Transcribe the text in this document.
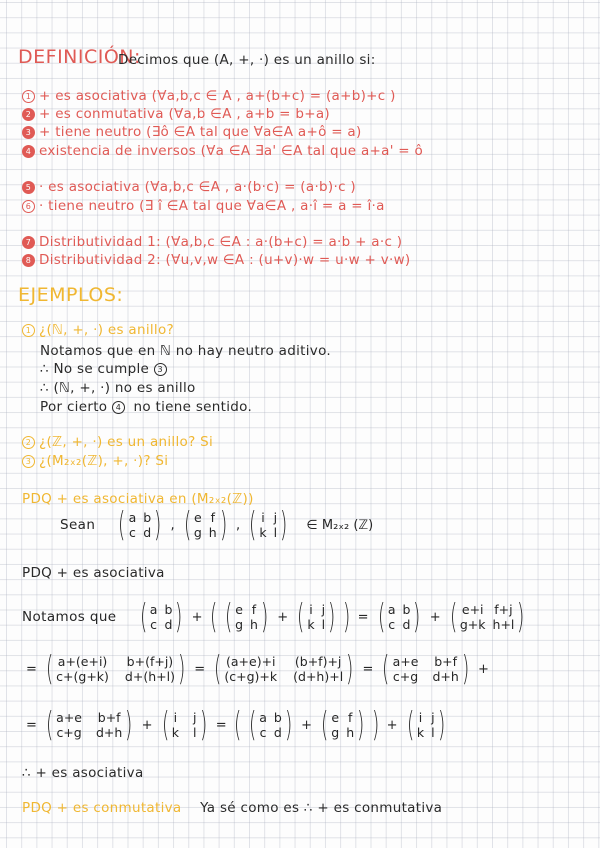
DEFINICIÓN:
Decimos que (A, +, ·) es un anillo si:
1 + es asociativa (∀a,b,c ∈ A , a+(b+c) = (a+b)+c )
2 + es conmutativa (∀a,b ∈A , a+b = b+a)
3 + tiene neutro (∃ô ∈A tal que ∀a∈A a+ô = a)
4 existencia de inversos (∀a ∈A ∃a' ∈A tal que a+a' = ô
5 · es asociativa (∀a,b,c ∈A , a·(b·c) = (a·b)·c )
6 · tiene neutro (∃ î ∈A tal que ∀a∈A , a·î = a = î·a
7 Distributividad 1: (∀a,b,c ∈A : a·(b+c) = a·b + a·c )
8 Distributividad 2: (∀u,v,w ∈A : (u+v)·w = u·w + v·w)
EJEMPLOS:
1 ¿(ℕ, +, ·) es anillo?
Notamos que en ℕ no hay neutro aditivo.
∴ No se cumple 3
∴ (ℕ, +, ·) no es anillo
Por cierto 4 no tiene sentido.
2 ¿(ℤ, +, ·) es un anillo? Si
3 ¿(M₂ₓ₂(ℤ), +, ·)? Si
PDQ + es asociativa en (M₂ₓ₂(ℤ))
Sean ( a b
c d ) , ( e f
g h ) , ( i j
k l ) ∈ M₂ₓ₂ (ℤ)
PDQ + es asociativa
Notamos que ( a b
c d ) + ( ( e f
g h ) + ( i j
k l ) ) = ( a b
c d ) + ( e+i f+j
g+k h+l )
= ( a+(e+i) b+(f+j)
c+(g+k) d+(h+l) ) = ( (a+e)+i (b+f)+j
(c+g)+k (d+h)+l ) = ( a+e b+f
c+g d+h ) +
= ( a+e b+f
c+g d+h ) + ( i j
k l ) = ( ( a b
c d ) + ( e f
g h ) ) + ( i j
k l )
∴ + es asociativa
PDQ + es conmutativa Ya sé como es ∴ + es conmutativa
